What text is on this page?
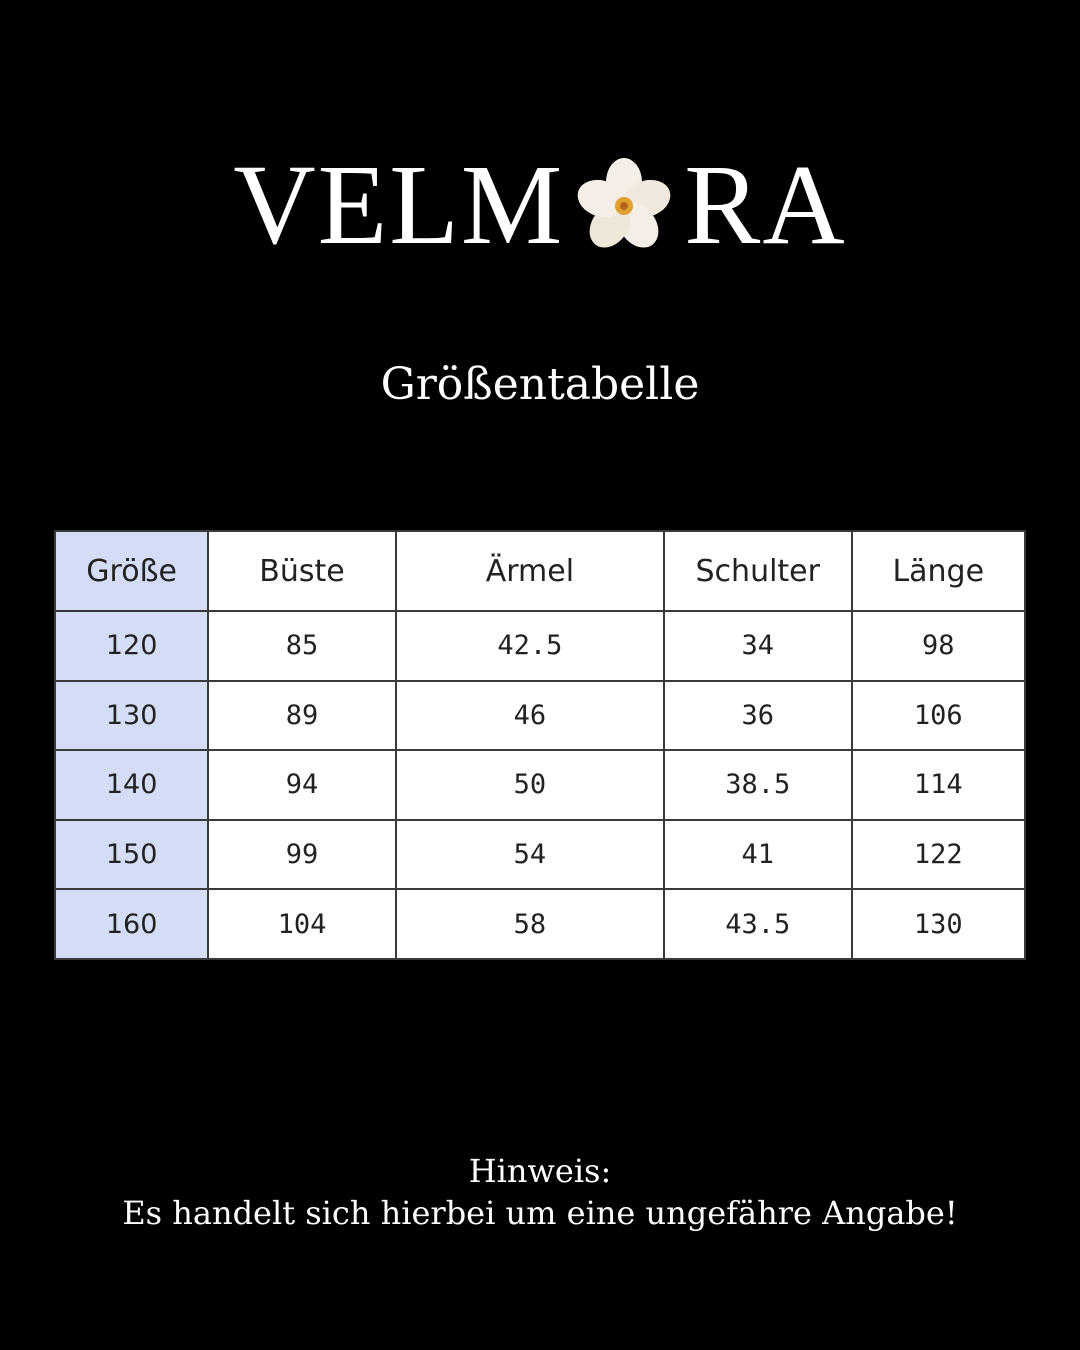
VELM RA
Größentabelle
Größe	Büste	Ärmel	Schulter	Länge
120	85	42.5	34	98
130	89	46	36	106
140	94	50	38.5	114
150	99	54	41	122
160	104	58	43.5	130
Hinweis:
Es handelt sich hierbei um eine ungefähre Angabe!
